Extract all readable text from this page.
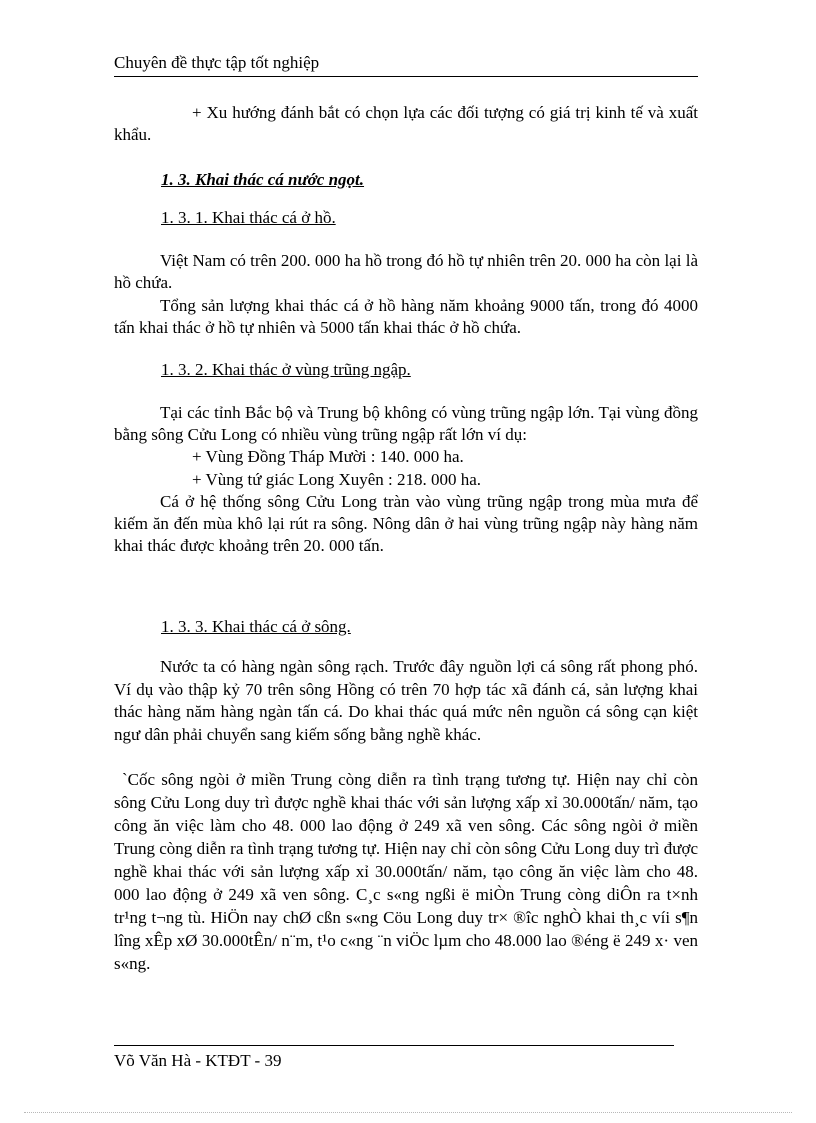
Chuyên đề thực tập tốt nghiệp
+ Xu hướng đánh bắt có chọn lựa các đối tượng có giá trị kinh tế và xuất khẩu.
1. 3. Khai thác cá nước ngọt.
1. 3. 1. Khai thác cá ở hồ.
Việt Nam có trên 200. 000 ha hồ trong đó hồ tự nhiên trên 20. 000 ha còn lại là hồ chứa.
Tổng sản lượng khai thác cá ở hồ hàng năm khoảng 9000 tấn, trong đó 4000 tấn khai thác ở hồ tự nhiên và 5000 tấn khai thác ở hồ chứa.
1. 3. 2. Khai thác ở vùng trũng ngập.
Tại các tỉnh Bắc bộ và Trung bộ không có vùng trũng ngập lớn. Tại vùng đồng bằng sông Cửu Long có nhiều vùng trũng ngập rất lớn ví dụ:
+ Vùng Đồng Tháp Mười : 140. 000 ha.
+ Vùng tứ giác Long Xuyên : 218. 000 ha.
Cá ở hệ thống sông Cửu Long tràn vào vùng trũng ngập trong mùa mưa để kiếm ăn đến mùa khô lại rút ra sông. Nông dân ở hai vùng trũng ngập này hàng năm khai thác được khoảng trên 20. 000 tấn.
1. 3. 3. Khai thác cá ở sông.
Nước ta có hàng ngàn sông rạch. Trước đây nguồn lợi cá sông rất phong phó. Ví dụ vào thập kỷ 70 trên sông Hồng có trên 70 hợp tác xã đánh cá, sản lượng khai thác hàng năm hàng ngàn tấn cá. Do khai thác quá mức nên nguồn cá sông cạn kiệt ngư dân phải chuyển sang kiếm sống bằng nghề khác.
`Cốc sông ngòi ở miền Trung còng diễn ra tình trạng tương tự. Hiện nay chỉ còn sông Cửu Long duy trì được nghề khai thác với sản lượng xấp xỉ 30.000tấn/ năm, tạo công ăn việc làm cho 48. 000 lao động ở 249 xã ven sông. Các sông ngòi ở miền Trung còng diễn ra tình trạng tương tự. Hiện nay chỉ còn sông Cửu Long duy trì được nghề khai thác với sản lượng xấp xỉ 30.000tấn/ năm, tạo công ăn việc làm cho 48. 000 lao động ở 249 xã ven sông. C¸c s«ng ngßi ë miÒn Trung còng diÔn ra t×nh tr¹ng t¬ng tù. HiÖn nay chØ cßn s«ng Cöu Long duy tr× ®îc nghÒ khai th¸c víi s¶n lîng xÊp xØ 30.000tÊn/ n¨m, t¹o c«ng ¨n viÖc lµm cho 48.000 lao ®éng ë 249 x· ven s«ng.
Võ Văn Hà - KTĐT - 39
